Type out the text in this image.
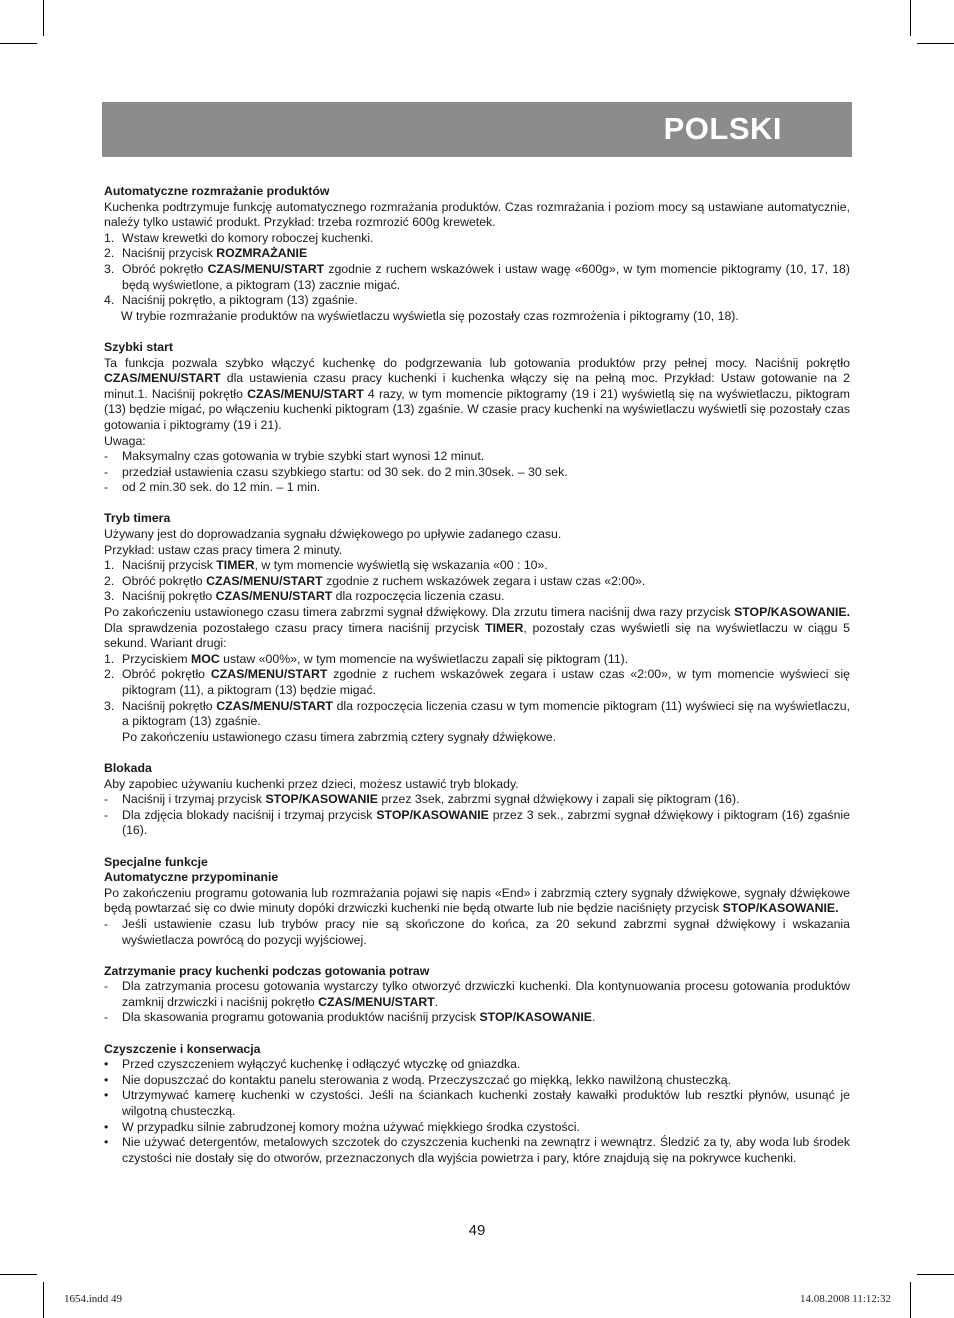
POLSKI

Automatyczne rozmrażanie produktów

Kuchenka podtrzymuje funkcję automatycznego rozmrażania produktów. Czas rozmrażania i poziom mocy są ustawiane automatycznie, należy tylko ustawić produkt. Przykład: trzeba rozmrozić 600g krewetek.

1. Wstaw krewetki do komory roboczej kuchenki.
2. Naciśnij przycisk ROZMRAŻANIE
3. Obróć pokrętło CZAS/MENU/START zgodnie z ruchem wskazówek i ustaw wagę «600g», w tym momencie piktogramy (10, 17, 18) będą wyświetlone, a piktogram (13) zacznie migać.
4. Naciśnij pokrętło, a piktogram (13) zgaśnie.

W trybie rozmrażanie produktów na wyświetlaczu wyświetla się pozostały czas rozmrożenia i piktogramy (10, 18).

Szybki start

Ta funkcja pozwala szybko włączyć kuchenkę do podgrzewania lub gotowania produktów przy pełnej mocy. Naciśnij pokrętło CZAS/MENU/START dla ustawienia czasu pracy kuchenki i kuchenka włączy się na pełną moc. Przykład: Ustaw gotowanie na 2 minut.1. Naciśnij pokrętło CZAS/MENU/START 4 razy, w tym momencie piktogramy (19 i 21) wyświetlą się na wyświetlaczu, piktogram (13) będzie migać, po włączeniu kuchenki piktogram (13) zgaśnie. W czasie pracy kuchenki na wyświetlaczu wyświetli się pozostały czas gotowania i piktogramy (19 i 21).

Uwaga:

- Maksymalny czas gotowania w trybie szybki start wynosi 12 minut.
- przedział ustawienia czasu szybkiego startu: od 30 sek. do 2 min.30sek. – 30 sek.
- od 2 min.30 sek. do 12 min. – 1 min.

Tryb timera

Używany jest do doprowadzania sygnału dźwiękowego po upływie zadanego czasu.

Przykład: ustaw czas pracy timera 2 minuty.

1. Naciśnij przycisk TIMER, w tym momencie wyświetlą się wskazania «00 : 10».
2. Obróć pokrętło CZAS/MENU/START zgodnie z ruchem wskazówek zegara i ustaw czas «2:00».
3. Naciśnij pokrętło CZAS/MENU/START dla rozpoczęcia liczenia czasu.

Po zakończeniu ustawionego czasu timera zabrzmi sygnał dźwiękowy. Dla zrzutu timera naciśnij dwa razy przycisk STOP/KASOWANIE. Dla sprawdzenia pozostałego czasu pracy timera naciśnij przycisk TIMER, pozostały czas wyświetli się na wyświetlaczu w ciągu 5 sekund. Wariant drugi:

1. Przyciskiem MOC ustaw «00%», w tym momencie na wyświetlaczu zapali się piktogram (11).
2. Obróć pokrętło CZAS/MENU/START zgodnie z ruchem wskazówek zegara i ustaw czas «2:00», w tym momencie wyświeci się piktogram (11), a piktogram (13) będzie migać.
3. Naciśnij pokrętło CZAS/MENU/START dla rozpoczęcia liczenia czasu w tym momencie piktogram (11) wyświeci się na wyświetlaczu, a piktogram (13) zgaśnie.

Po zakończeniu ustawionego czasu timera zabrzmią cztery sygnały dźwiękowe.

Blokada

Aby zapobiec używaniu kuchenki przez dzieci, możesz ustawić tryb blokady.

- Naciśnij i trzymaj przycisk STOP/KASOWANIE przez 3sek, zabrzmi sygnał dźwiękowy i zapali się piktogram (16).
- Dla zdjęcia blokady naciśnij i trzymaj przycisk STOP/KASOWANIE przez 3 sek., zabrzmi sygnał dźwiękowy i piktogram (16) zgaśnie (16).

Specjalne funkcje

Automatyczne przypominanie

Po zakończeniu programu gotowania lub rozmrażania pojawi się napis «End» i zabrzmią cztery sygnały dźwiękowe, sygnały dźwiękowe będą powtarzać się co dwie minuty dopóki drzwiczki kuchenki nie będą otwarte lub nie będzie naciśnięty przycisk STOP/KASOWANIE.

- Jeśli ustawienie czasu lub trybów pracy nie są skończone do końca, za 20 sekund zabrzmi sygnał dźwiękowy i wskazania wyświetlacza powrócą do pozycji wyjściowej.

Zatrzymanie pracy kuchenki podczas gotowania potraw

- Dla zatrzymania procesu gotowania wystarczy tylko otworzyć drzwiczki kuchenki. Dla kontynuowania procesu gotowania produktów zamknij drzwiczki i naciśnij pokrętło CZAS/MENU/START.
- Dla skasowania programu gotowania produktów naciśnij przycisk STOP/KASOWANIE.

Czyszczenie i konserwacja

• Przed czyszczeniem wyłączyć kuchenkę i odłączyć wtyczkę od gniazdka.
• Nie dopuszczać do kontaktu panelu sterowania z wodą. Przeczyszczać go miękką, lekko nawilżoną chusteczką.
• Utrzymywać kamerę kuchenki w czystości. Jeśli na ściankach kuchenki zostały kawałki produktów lub resztki płynów, usunąć je wilgotną chusteczką.
• W przypadku silnie zabrudzonej komory można używać miękkiego środka czystości.
• Nie używać detergentów, metalowych szczotek do czyszczenia kuchenki na zewnątrz i wewnątrz. Śledzić za ty, aby woda lub środek czystości nie dostały się do otworów, przeznaczonych dla wyjścia powietrza i pary, które znajdują się na pokrywce kuchenki.
49
1654.indd 49	14.08.2008 11:12:32
